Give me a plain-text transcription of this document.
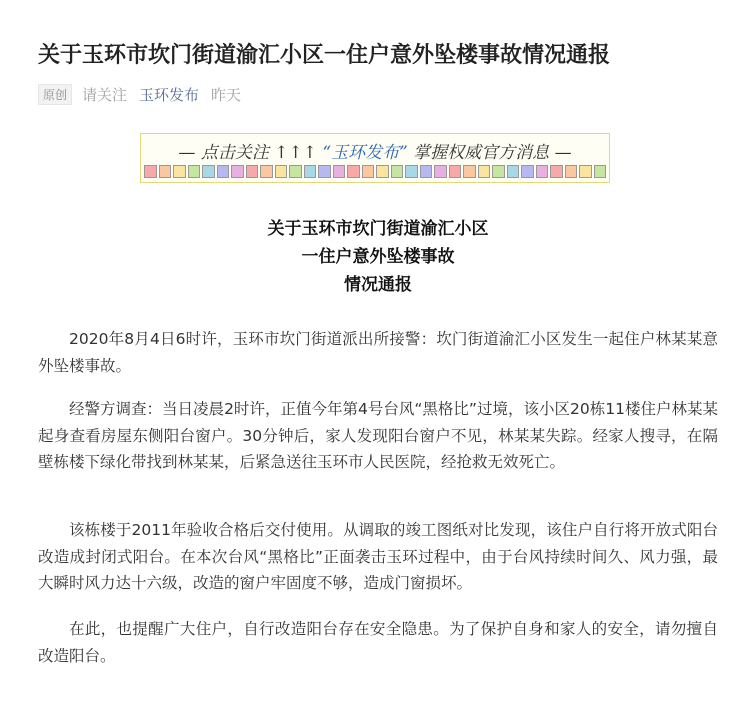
关于玉环市坎门街道渝汇小区一住户意外坠楼事故情况通报
原创	请关注 玉环发布 昨天
— 点击关注 ↑↑↑ “玉环发布” 掌握权威官方消息 —
关于玉环市坎门街道渝汇小区
一住户意外坠楼事故
情况通报

2020年8月4日6时许，玉环市坎门街道派出所接警：坎门街道渝汇小区发生一起住户林某某意外坠楼事故。

经警方调查：当日凌晨2时许，正值今年第4号台风“黑格比”过境，该小区20栋11楼住户林某某起身查看房屋东侧阳台窗户。30分钟后，家人发现阳台窗户不见，林某某失踪。经家人搜寻，在隔壁栋楼下绿化带找到林某某，后紧急送往玉环市人民医院，经抢救无效死亡。

该栋楼于2011年验收合格后交付使用。从调取的竣工图纸对比发现，该住户自行将开放式阳台改造成封闭式阳台。在本次台风“黑格比”正面袭击玉环过程中，由于台风持续时间久、风力强，最大瞬时风力达十六级，改造的窗户牢固度不够，造成门窗损坏。

在此，也提醒广大住户，自行改造阳台存在安全隐患。为了保护自身和家人的安全，请勿擅自改造阳台。
